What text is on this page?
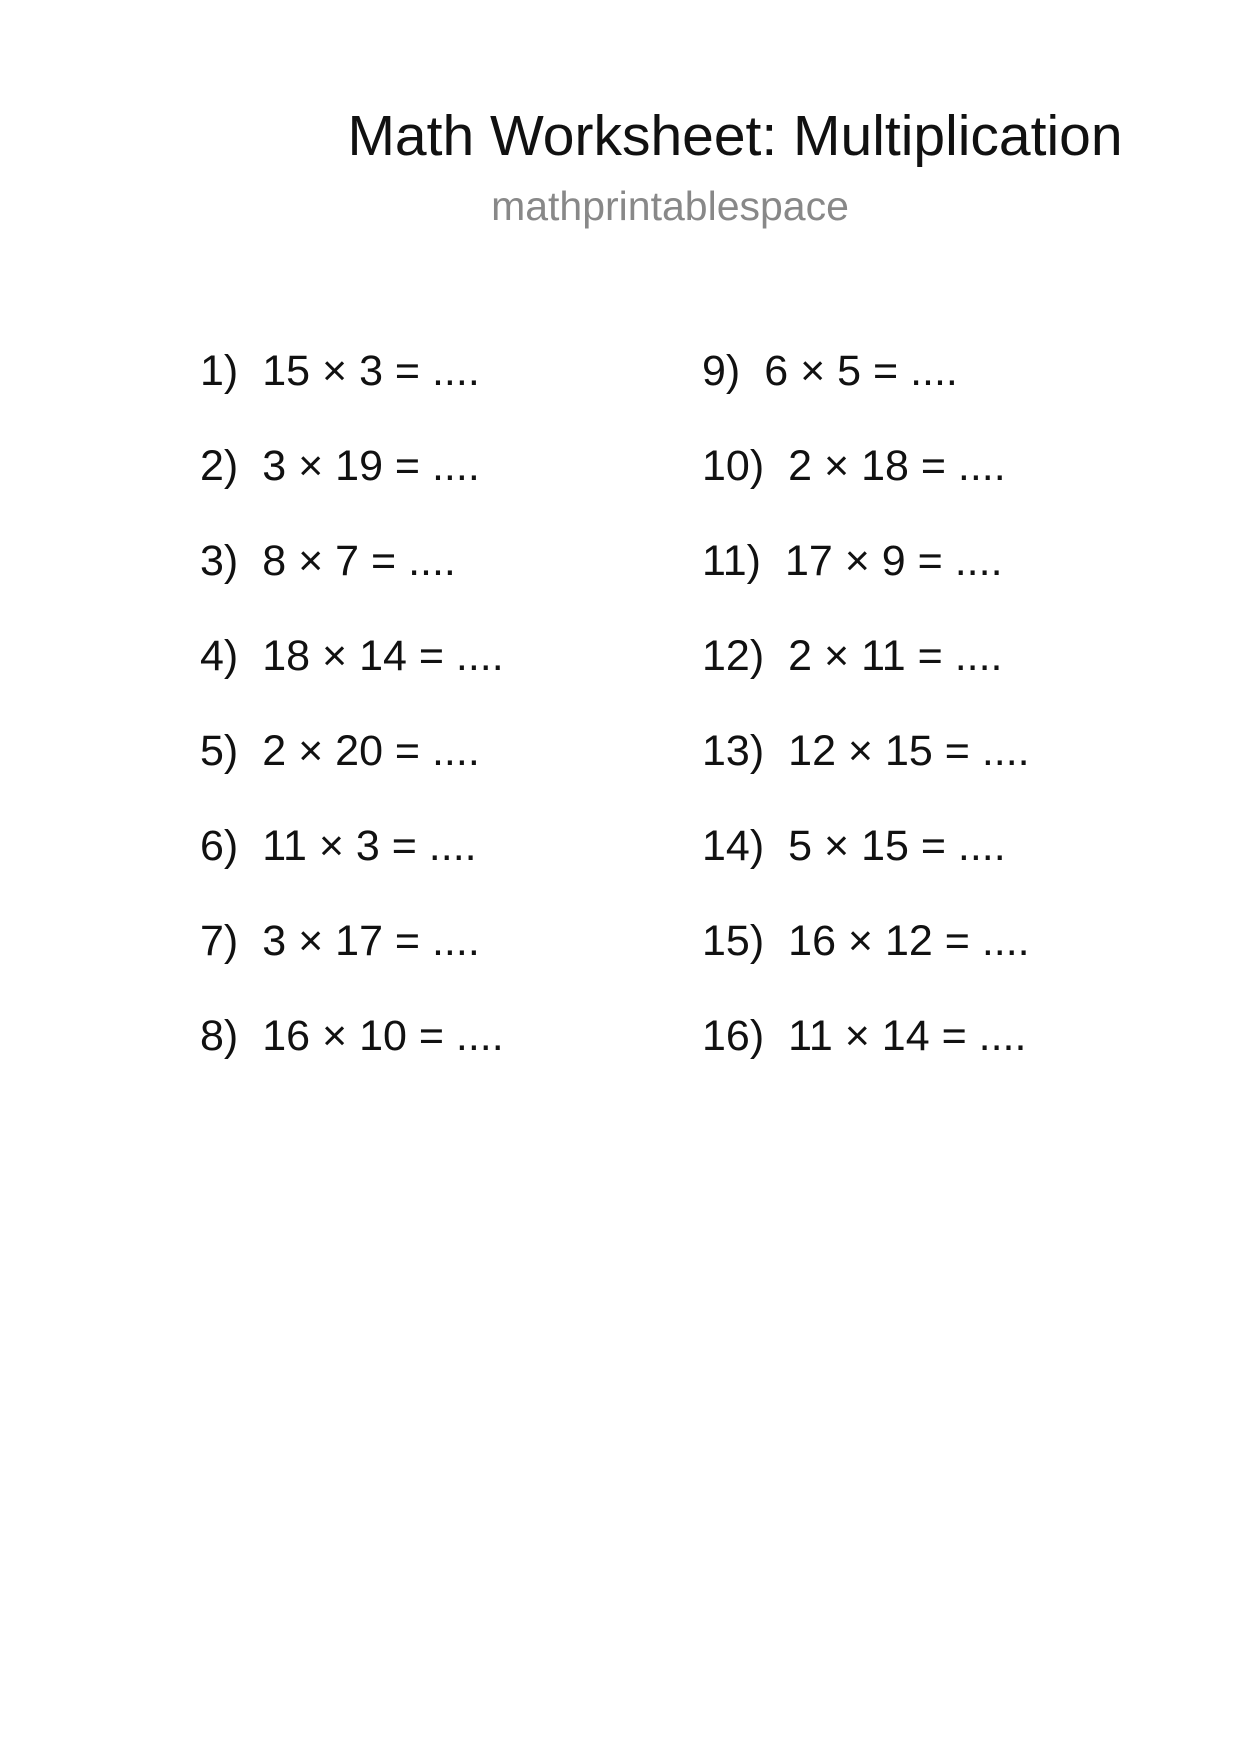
Math Worksheet: Multiplication
mathprintablespace
1) 15 × 3 = ....
2) 3 × 19 = ....
3) 8 × 7 = ....
4) 18 × 14 = ....
5) 2 × 20 = ....
6) 11 × 3 = ....
7) 3 × 17 = ....
8) 16 × 10 = ....
9) 6 × 5 = ....
10) 2 × 18 = ....
11) 17 × 9 = ....
12) 2 × 11 = ....
13) 12 × 15 = ....
14) 5 × 15 = ....
15) 16 × 12 = ....
16) 11 × 14 = ....
